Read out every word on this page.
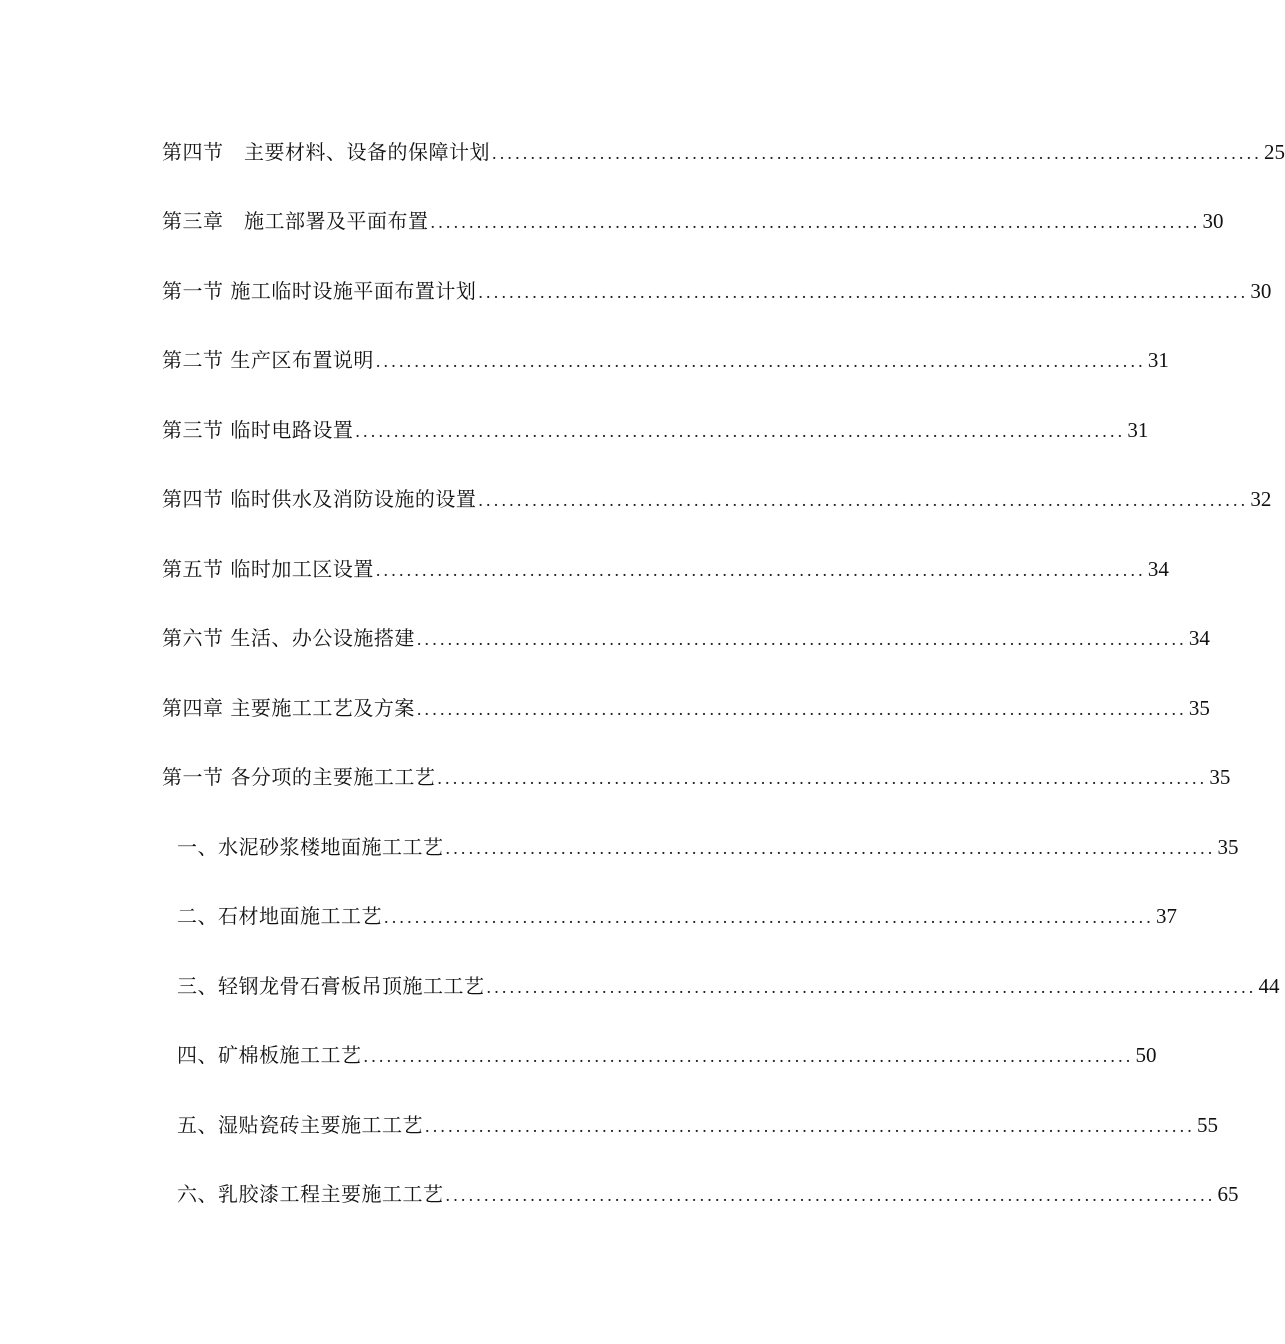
第四节　主要材料、设备的保障计划 .................................................................................................... 25
第三章　施工部署及平面布置 .................................................................................................... 30
第一节 施工临时设施平面布置计划 .................................................................................................... 30
第二节 生产区布置说明 .................................................................................................... 31
第三节 临时电路设置 .................................................................................................... 31
第四节 临时供水及消防设施的设置 .................................................................................................... 32
第五节 临时加工区设置 .................................................................................................... 34
第六节 生活、办公设施搭建 .................................................................................................... 34
第四章 主要施工工艺及方案 .................................................................................................... 35
第一节 各分项的主要施工工艺 .................................................................................................... 35
一、水泥砂浆楼地面施工工艺 .................................................................................................... 35
二、石材地面施工工艺 .................................................................................................... 37
三、轻钢龙骨石膏板吊顶施工工艺 .................................................................................................... 44
四、矿棉板施工工艺 .................................................................................................... 50
五、湿贴瓷砖主要施工工艺 .................................................................................................... 55
六、乳胶漆工程主要施工工艺 .................................................................................................... 65
